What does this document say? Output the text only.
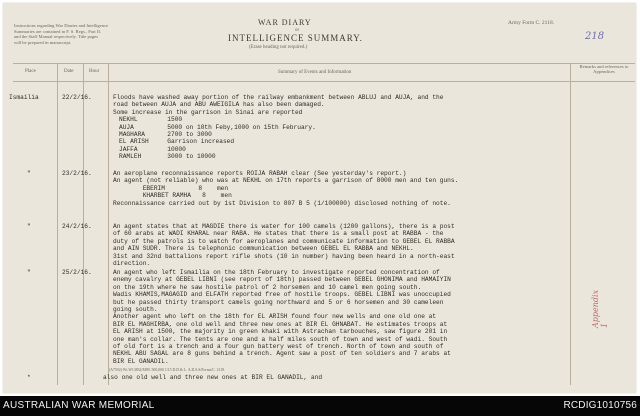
WAR DIARY
or
INTELLIGENCE SUMMARY.
(Erase heading not required.)
Army Form C. 2118.
218
Instructions regarding War Diaries and Intelligence
Summaries are contained in F. S. Regs., Part II.
and the Staff Manual respectively. Title pages
will be prepared in manuscript.
Place	Date	Hour	Summary of Events and Information
Remarks and references to Appendices
Ismailia	22/2/16.	Floods have washed away portion of the railway embankment between ABLUJ and AUJA, and the
road between AUJA and ABU AWEIGILA has also been damaged.
Some increase in the garrison in Sinai are reported
NEKHL        1500
AUJA         5000 on 10th Feby,1000 on 15th February.
MAGHARA      2700 to 3000
EL ARISH     Garrison increased
JAFFA        10000
RAMLEH       3000 to 10000
"	23/2/16.	An aeroplane reconnaissance reports ROIJA RABAH clear (See yesterday's report.)
An agent (not reliable) who was at NEKHL on 17th reports a garrison of 8000 men and ten guns.
EBERIM         8    men
KHARBET RAMHA   8    men
Reconnaissance carried out by 1st Division to 807 B 5 (1/100000) disclosed nothing of note.
"	24/2/16.	An agent states that at MAGDIE there is water for 100 camels (1200 gallons), there is a post
of 60 arabs at WADI KHARAL near RABA. He states that there is a small post at RABBA - the
duty of the patrols is to watch for aeroplanes and communicate information to GEBEL EL RABBA
and AIN SUDR. There is telephonic communication between GEBEL EL RABBA and NEKHL.
31st and 32nd battalions report rifle shots (10 in number) having been heard in a north-east
direction.
"	25/2/16.	An agent who left Ismailia on the 18th February to investigate reported concentration of
enemy cavalry at GEBEL LIBNI (see report of 18th) passed between GEBEL GHONIMA and HAMAIYIN
on the 19th where he saw hostile patrol of 2 horsemen and 10 camel men going south.
Wadis KHAMIS,MAGAGID and ELFATH reported free of hostile troops. GEBEL LIBNI was unoccupied
but he passed thirty transport camels going northward and 5 or 6 horsemen and 30 cameleen
going south.
Another agent who left on the 18th for EL ARISH found four new wells and one old one at
BIR EL MAGHIRBA, one old well and three new ones at BIR EL GHNABAT. He estimates troops at
EL ARISH at 1500, the majority in green khaki with Astrachan tarbouches, saw figure 201 in
one man's collar. The tents are one and a half miles south of town and west of wadi. South
of old fort is a trench and a four gun battery west of trench. North of town and south of
NEKHL ABU SAGAL are 8 guns behind a trench. Agent saw a post of ten soldiers and 7 arabs at
BIR EL GANADIL.
(A7592) Wt.W13832/M89. 500,000 1/15 D.D.& L. A.D.S.S/Forms/C. 2118.
also one old well and three new ones at BIR EL GANADIL, and
*
Appendix 1
AUSTRALIAN WAR MEMORIAL	RCDIG1010756
